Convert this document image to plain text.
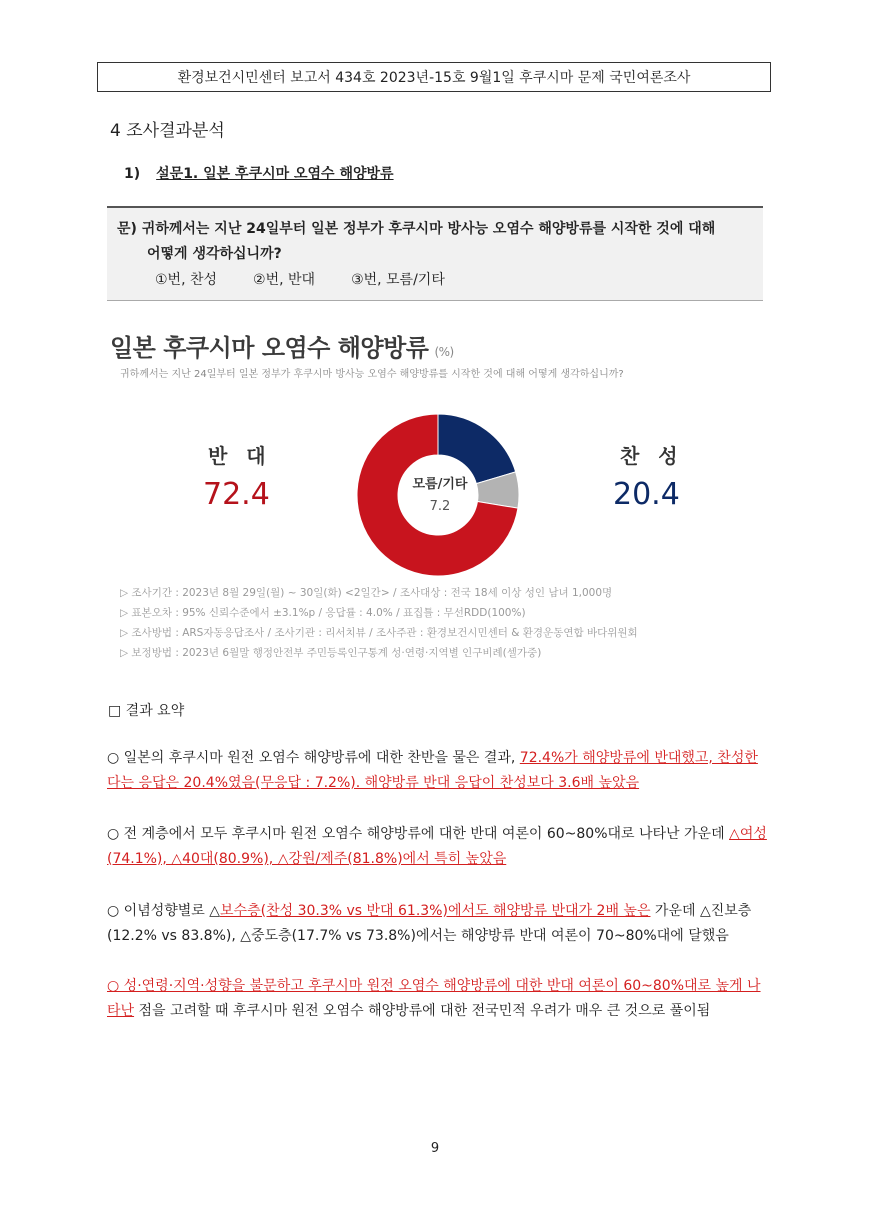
환경보건시민센터 보고서 434호 2023년-15호 9월1일 후쿠시마 문제 국민여론조사
4 조사결과분석
1) 설문1. 일본 후쿠시마 오염수 해양방류
문) 귀하께서는 지난 24일부터 일본 정부가 후쿠시마 방사능 오염수 해양방류를 시작한 것에 대해
어떻게 생각하십니까?
①번, 찬성	②번, 반대	③번, 모름/기타
일본 후쿠시마 오염수 해양방류 (%)
귀하께서는 지난 24일부터 일본 정부가 후쿠시마 방사능 오염수 해양방류를 시작한 것에 대해 어떻게 생각하십니까?
반 대
72.4
찬 성
20.4
모름/기타
7.2
▷ 조사기간 : 2023년 8월 29일(월) ~ 30일(화) <2일간> / 조사대상 : 전국 18세 이상 성인 남녀 1,000명
▷ 표본오차 : 95% 신뢰수준에서 ±3.1%p / 응답률 : 4.0% / 표집틀 : 무선RDD(100%)
▷ 조사방법 : ARS자동응답조사 / 조사기관 : 리서치뷰 / 조사주관 : 환경보건시민센터 & 환경운동연합 바다위원회
▷ 보정방법 : 2023년 6월말 행정안전부 주민등록인구통계 성·연령·지역별 인구비례(셀가중)
□ 결과 요약
○ 일본의 후쿠시마 원전 오염수 해양방류에 대한 찬반을 물은 결과, 72.4%가 해양방류에 반대했고, 찬성한다는 응답은 20.4%였음(무응답 : 7.2%). 해양방류 반대 응답이 찬성보다 3.6배 높았음
○ 전 계층에서 모두 후쿠시마 원전 오염수 해양방류에 대한 반대 여론이 60~80%대로 나타난 가운데 △여성(74.1%), △40대(80.9%), △강원/제주(81.8%)에서 특히 높았음
○ 이념성향별로 △보수층(찬성 30.3% vs 반대 61.3%)에서도 해양방류 반대가 2배 높은 가운데 △진보층(12.2% vs 83.8%), △중도층(17.7% vs 73.8%)에서는 해양방류 반대 여론이 70~80%대에 달했음
○ 성·연령·지역·성향을 불문하고 후쿠시마 원전 오염수 해양방류에 대한 반대 여론이 60~80%대로 높게 나타난 점을 고려할 때 후쿠시마 원전 오염수 해양방류에 대한 전국민적 우려가 매우 큰 것으로 풀이됨
9
